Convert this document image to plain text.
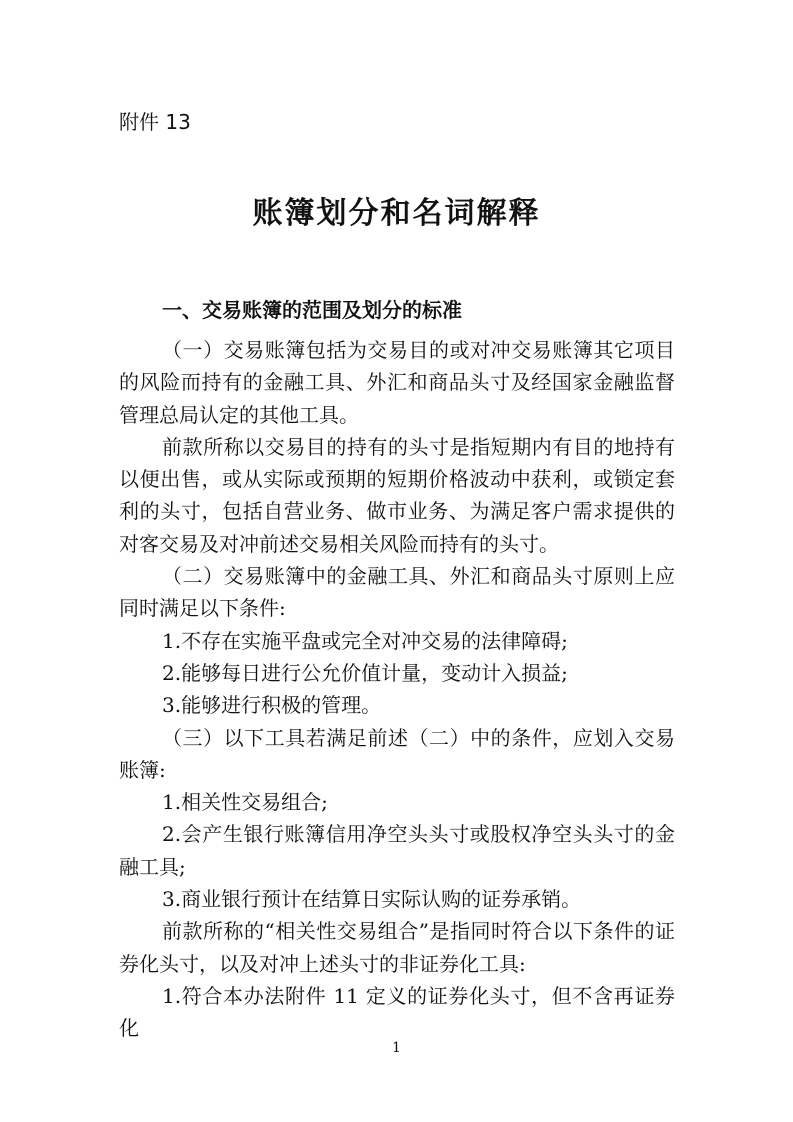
附件 13
账簿划分和名词解释
一、交易账簿的范围及划分的标准

（一）交易账簿包括为交易目的或对冲交易账簿其它项目的风险而持有的金融工具、外汇和商品头寸及经国家金融监督管理总局认定的其他工具。

前款所称以交易目的持有的头寸是指短期内有目的地持有以便出售，或从实际或预期的短期价格波动中获利，或锁定套利的头寸，包括自营业务、做市业务、为满足客户需求提供的对客交易及对冲前述交易相关风险而持有的头寸。

（二）交易账簿中的金融工具、外汇和商品头寸原则上应同时满足以下条件:

1.不存在实施平盘或完全对冲交易的法律障碍;

2.能够每日进行公允价值计量，变动计入损益;

3.能够进行积极的管理。

（三）以下工具若满足前述（二）中的条件，应划入交易账簿:

1.相关性交易组合;

2.会产生银行账簿信用净空头头寸或股权净空头头寸的金融工具;

3.商业银行预计在结算日实际认购的证券承销。

前款所称的“相关性交易组合”是指同时符合以下条件的证券化头寸，以及对冲上述头寸的非证券化工具:

1.符合本办法附件 11 定义的证券化头寸，但不含再证券化

1
